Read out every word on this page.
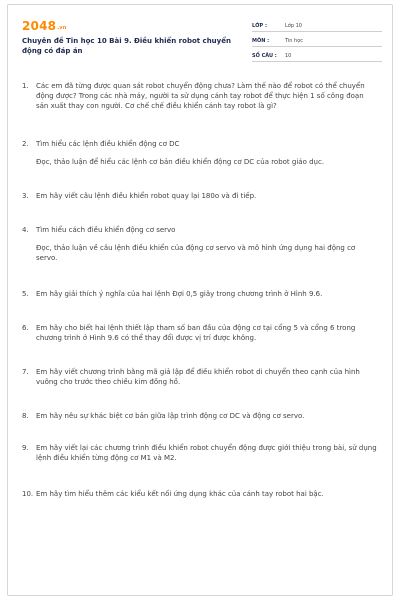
$2048_{.vn}$
Chuyên đề Tin học 10 Bài 9. Điều khiển robot chuyển động có đáp án
LỚP :	Lớp 10
MÔN :	Tin học
SỐ CÂU :	10
1.	Các em đã từng được quan sát robot chuyển động chưa? Làm thế nào để robot có thể chuyển động được? Trong các nhà máy, người ta sử dụng cánh tay robot để thực hiện 1 số công đoạn sản xuất thay con người. Cơ chế chế điều khiển cánh tay robot là gì?
2.	Tìm hiểu các lệnh điều khiển động cơ DC
Đọc, thảo luận để hiểu các lệnh cơ bản điều khiển động cơ DC của robot giáo dục.
3.	Em hãy viết câu lệnh điều khiển robot quay lại 180o và đi tiếp.
4.	Tìm hiểu cách điều khiển động cơ servo
Đọc, thảo luận về câu lệnh điều khiển của động cơ servo và mô hình ứng dụng hai động cơ servo.
5.	Em hãy giải thích ý nghĩa của hai lệnh Đợi 0,5 giây trong chương trình ở Hình 9.6.
6.	Em hãy cho biết hai lệnh thiết lập tham số ban đầu của động cơ tại cổng 5 và cổng 6 trong chương trình ở Hình 9.6 có thể thay đổi được vị trí được không.
7.	Em hãy viết chương trình bằng mã giả lập để điều khiển robot di chuyển theo cạnh của hình vuông cho trước theo chiều kim đồng hồ.
8.	Em hãy nêu sự khác biệt cơ bản giữa lập trình động cơ DC và động cơ servo.
9.	Em hãy viết lại các chương trình điều khiển robot chuyển động được giới thiệu trong bài, sử dụng lệnh điều khiển từng động cơ M1 và M2.
10. Em hãy tìm hiểu thêm các kiểu kết nối ứng dụng khác của cánh tay robot hai bậc.
